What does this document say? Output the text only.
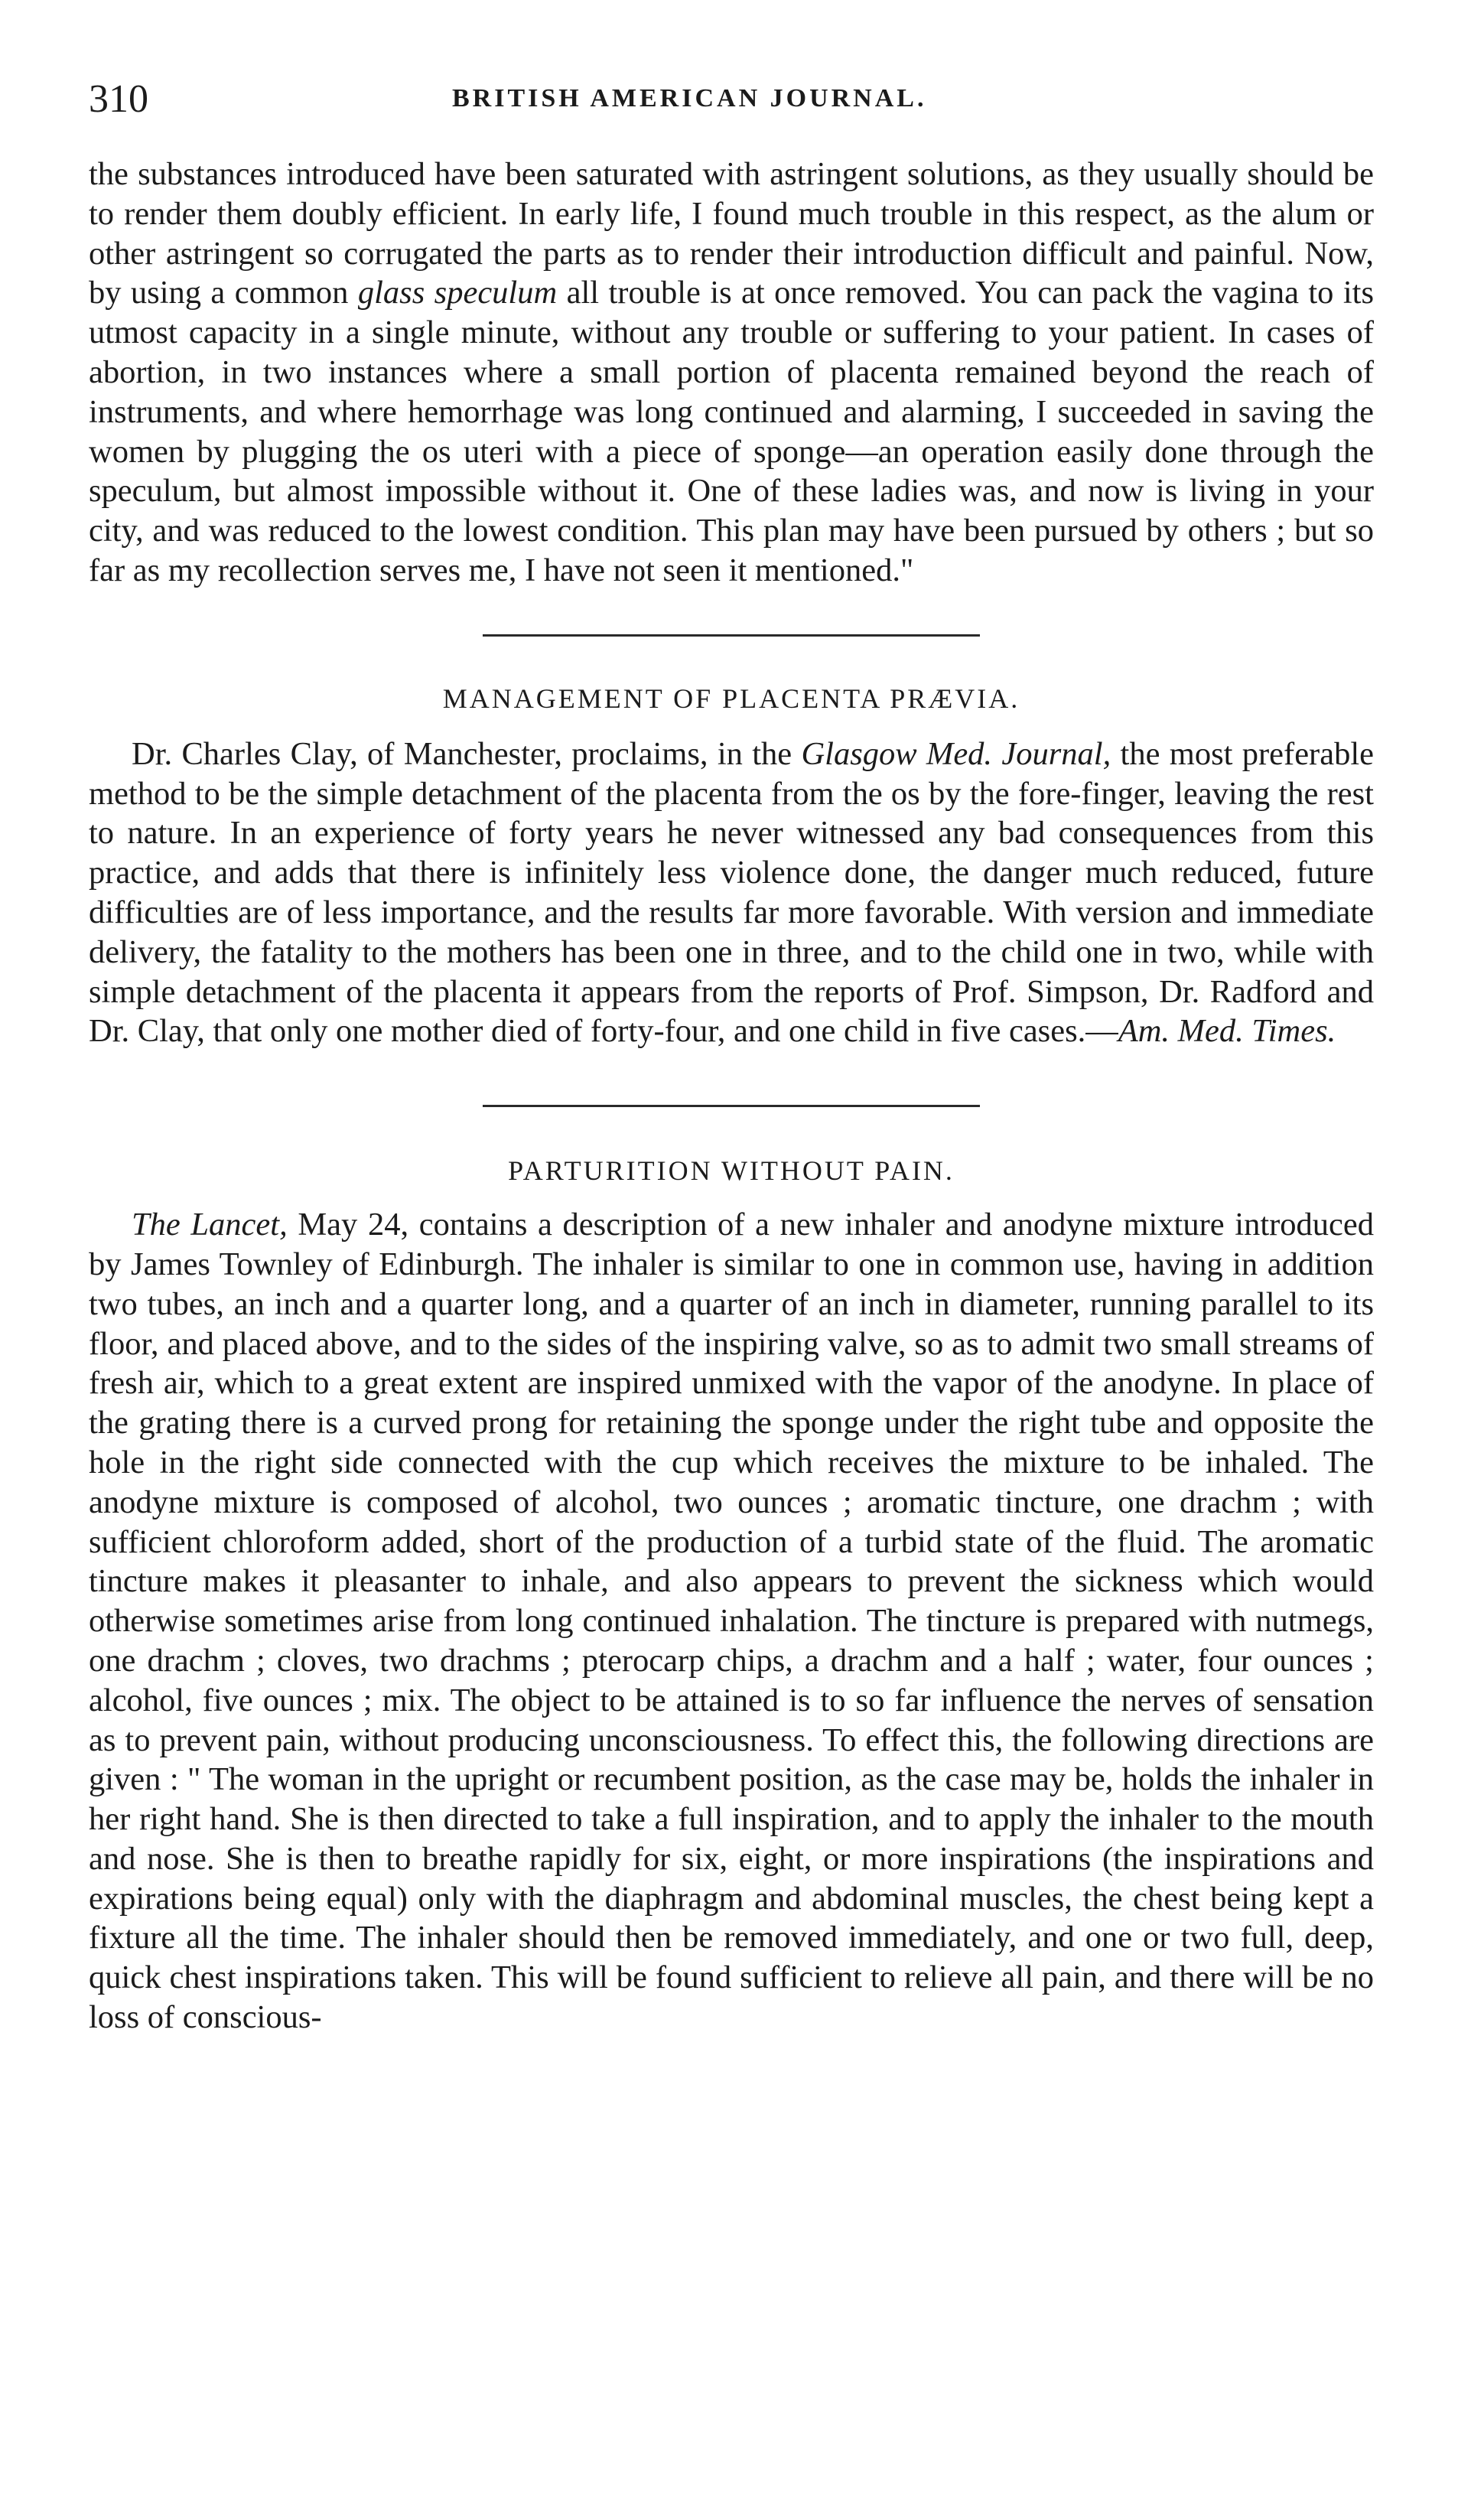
310	BRITISH AMERICAN JOURNAL.

the substances introduced have been saturated with astringent solutions, as they usually should be to render them doubly efficient. In early life, I found much trouble in this respect, as the alum or other astringent so corrugated the parts as to render their introduction difficult and painful. Now, by using a common glass speculum all trouble is at once removed. You can pack the vagina to its utmost capacity in a single minute, without any trouble or suffering to your patient. In cases of abortion, in two instances where a small portion of placenta remained beyond the reach of instruments, and where hemorrhage was long continued and alarming, I succeeded in saving the women by plugging the os uteri with a piece of sponge—an operation easily done through the speculum, but almost impossible without it. One of these ladies was, and now is living in your city, and was reduced to the lowest condition. This plan may have been pursued by others ; but so far as my recollection serves me, I have not seen it mentioned."

MANAGEMENT OF PLACENTA PRÆVIA.

Dr. Charles Clay, of Manchester, proclaims, in the Glasgow Med. Journal, the most preferable method to be the simple detachment of the placenta from the os by the fore-finger, leaving the rest to nature. In an experience of forty years he never witnessed any bad consequences from this practice, and adds that there is infinitely less violence done, the danger much reduced, future difficulties are of less importance, and the results far more favorable. With version and immediate delivery, the fatality to the mothers has been one in three, and to the child one in two, while with simple detachment of the placenta it appears from the reports of Prof. Simpson, Dr. Radford and Dr. Clay, that only one mother died of forty-four, and one child in five cases.—Am. Med. Times.

PARTURITION WITHOUT PAIN.

The Lancet, May 24, contains a description of a new inhaler and anodyne mixture introduced by James Townley of Edinburgh. The inhaler is similar to one in common use, having in addition two tubes, an inch and a quarter long, and a quarter of an inch in diameter, running parallel to its floor, and placed above, and to the sides of the inspiring valve, so as to admit two small streams of fresh air, which to a great extent are inspired unmixed with the vapor of the anodyne. In place of the grating there is a curved prong for retaining the sponge under the right tube and opposite the hole in the right side connected with the cup which receives the mixture to be inhaled. The anodyne mixture is composed of alcohol, two ounces ; aromatic tincture, one drachm ; with sufficient chloroform added, short of the production of a turbid state of the fluid. The aromatic tincture makes it pleasanter to inhale, and also appears to prevent the sickness which would otherwise sometimes arise from long continued inhalation. The tincture is prepared with nutmegs, one drachm ; cloves, two drachms ; pterocarp chips, a drachm and a half ; water, four ounces ; alcohol, five ounces ; mix. The object to be attained is to so far influence the nerves of sensation as to prevent pain, without producing unconsciousness. To effect this, the following directions are given : " The woman in the upright or recumbent position, as the case may be, holds the inhaler in her right hand. She is then directed to take a full inspiration, and to apply the inhaler to the mouth and nose. She is then to breathe rapidly for six, eight, or more inspirations (the inspirations and expirations being equal) only with the diaphragm and abdominal muscles, the chest being kept a fixture all the time. The inhaler should then be removed immediately, and one or two full, deep, quick chest inspirations taken. This will be found sufficient to relieve all pain, and there will be no loss of conscious-
